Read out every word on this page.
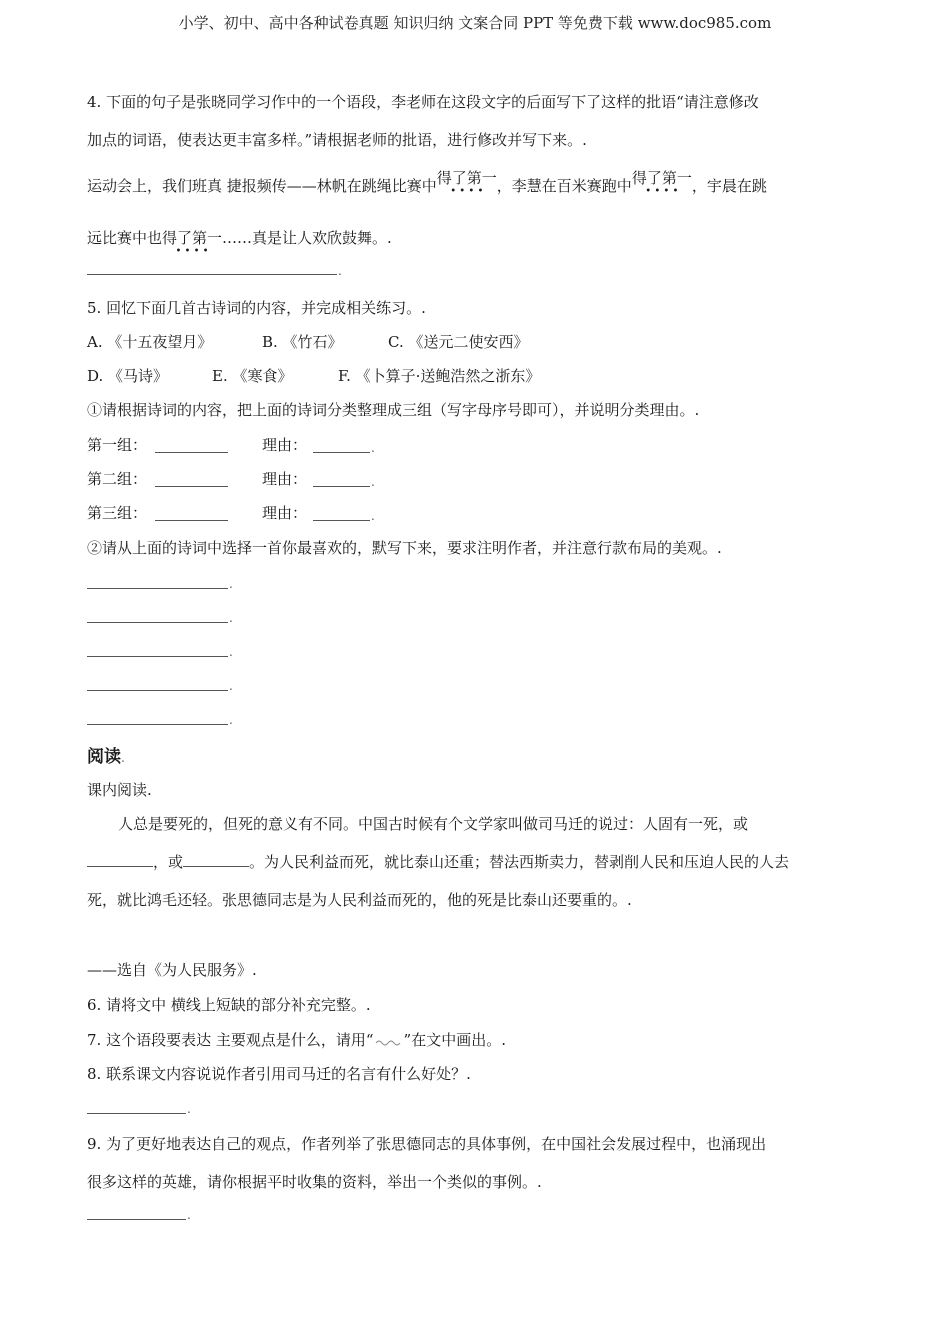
小学、初中、高中各种试卷真题 知识归纳 文案合同 PPT 等免费下载 www.doc985.com
4. 下面的句子是张晓同学习作中的一个语段，李老师在这段文字的后面写下了这样的批语“请注意修改
加点的词语，使表达更丰富多样。”请根据老师的批语，进行修改并写下来。.
运动会上，我们班真 捷报频传——林帆在跳绳比赛中得了第一
• • • • ，李慧在百米赛跑中得了第一
• • • • ，宇晨在跳
远比赛中也得了第一
• • • •
……真是让人欢欣鼓舞。.
.
5. 回忆下面几首古诗词的内容，并完成相关练习。.
A. 《十五夜望月》	B. 《竹石》	C. 《送元二使安西》
D. 《马诗》	E. 《寒食》	F. 《卜算子·送鲍浩然之浙东》
①请根据诗词的内容，把上面的诗词分类整理成三组（写字母序号即可），并说明分类理由。.
第一组：	理由：	.
第二组：	理由：	.
第三组：	理由：	.
②请从上面的诗词中选择一首你最喜欢的，默写下来，要求注明作者，并注意行款布局的美观。.
.
.
.
.
.
阅读.
课内阅读.
人总是要死的，但死的意义有不同。中国古时候有个文学家叫做司马迁的说过：人固有一死，或
，或	。为人民利益而死，就比泰山还重；替法西斯卖力，替剥削人民和压迫人民的人去
死，就比鸿毛还轻。张思德同志是为人民利益而死的，他的死是比泰山还要重的。.
——选自《为人民服务》.
6. 请将文中 横线上短缺的部分补充完整。.
7. 这个语段要表达 主要观点是什么，请用“ ”在文中画出。.
8. 联系课文内容说说作者引用司马迁的名言有什么好处？.
.
9. 为了更好地表达自己的观点，作者列举了张思德同志的具体事例，在中国社会发展过程中，也涌现出
很多这样的英雄，请你根据平时收集的资料，举出一个类似的事例。.
.
